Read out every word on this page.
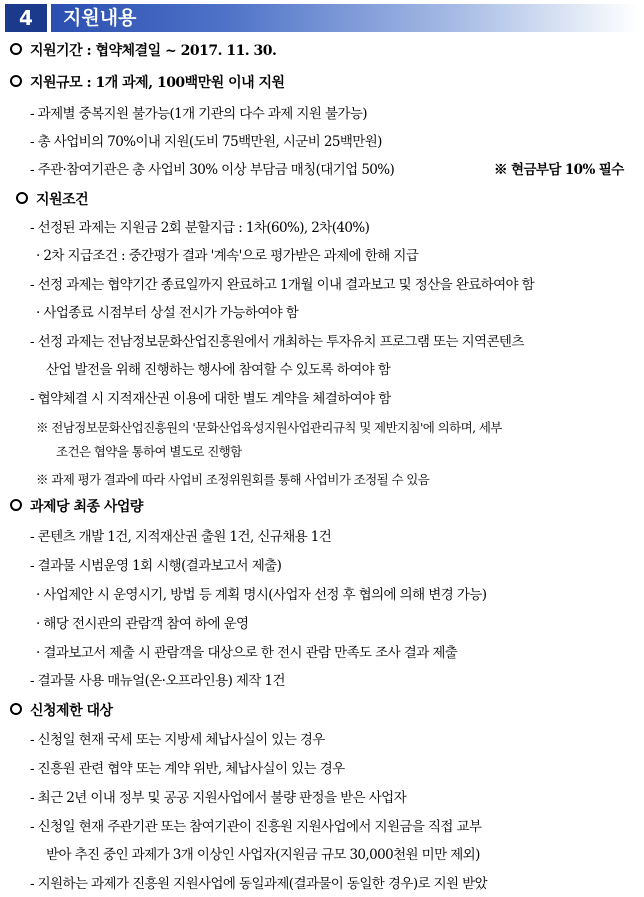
4	지원내용
지원기간 : 협약체결일 ~ 2017. 11. 30.
지원규모 : 1개 과제, 100백만원 이내 지원
- 과제별 중복지원 불가능(1개 기관의 다수 과제 지원 불가능)
- 총 사업비의 70%이내 지원(도비 75백만원, 시군비 25백만원)
- 주관·참여기관은 총 사업비 30% 이상 부담금 매칭(대기업 50%)	※ 현금부담 10% 필수
지원조건
- 선정된 과제는 지원금 2회 분할지급 : 1차(60%), 2차(40%)
· 2차 지급조건 : 중간평가 결과 '계속'으로 평가받은 과제에 한해 지급
- 선정 과제는 협약기간 종료일까지 완료하고 1개월 이내 결과보고 및 정산을 완료하여야 함
· 사업종료 시점부터 상설 전시가 가능하여야 함
- 선정 과제는 전남정보문화산업진흥원에서 개최하는 투자유치 프로그램 또는 지역콘텐츠
산업 발전을 위해 진행하는 행사에 참여할 수 있도록 하여야 함
- 협약체결 시 지적재산권 이용에 대한 별도 계약을 체결하여야 함
※ 전남정보문화산업진흥원의 '문화산업육성지원사업관리규칙 및 제반지침'에 의하며, 세부
조건은 협약을 통하여 별도로 진행함
※ 과제 평가 결과에 따라 사업비 조정위원회를 통해 사업비가 조정될 수 있음
과제당 최종 사업량
- 콘텐츠 개발 1건, 지적재산권 출원 1건, 신규채용 1건
- 결과물 시범운영 1회 시행(결과보고서 제출)
· 사업제안 시 운영시기, 방법 등 계획 명시(사업자 선정 후 협의에 의해 변경 가능)
· 해당 전시관의 관람객 참여 하에 운영
· 결과보고서 제출 시 관람객을 대상으로 한 전시 관람 만족도 조사 결과 제출
- 결과물 사용 매뉴얼(온·오프라인용) 제작 1건
신청제한 대상
- 신청일 현재 국세 또는 지방세 체납사실이 있는 경우
- 진흥원 관련 협약 또는 계약 위반, 체납사실이 있는 경우
- 최근 2년 이내 정부 및 공공 지원사업에서 불량 판정을 받은 사업자
- 신청일 현재 주관기관 또는 참여기관이 진흥원 지원사업에서 지원금을 직접 교부
받아 추진 중인 과제가 3개 이상인 사업자(지원금 규모 30,000천원 미만 제외)
- 지원하는 과제가 진흥원 지원사업에 동일과제(결과물이 동일한 경우)로 지원 받았
